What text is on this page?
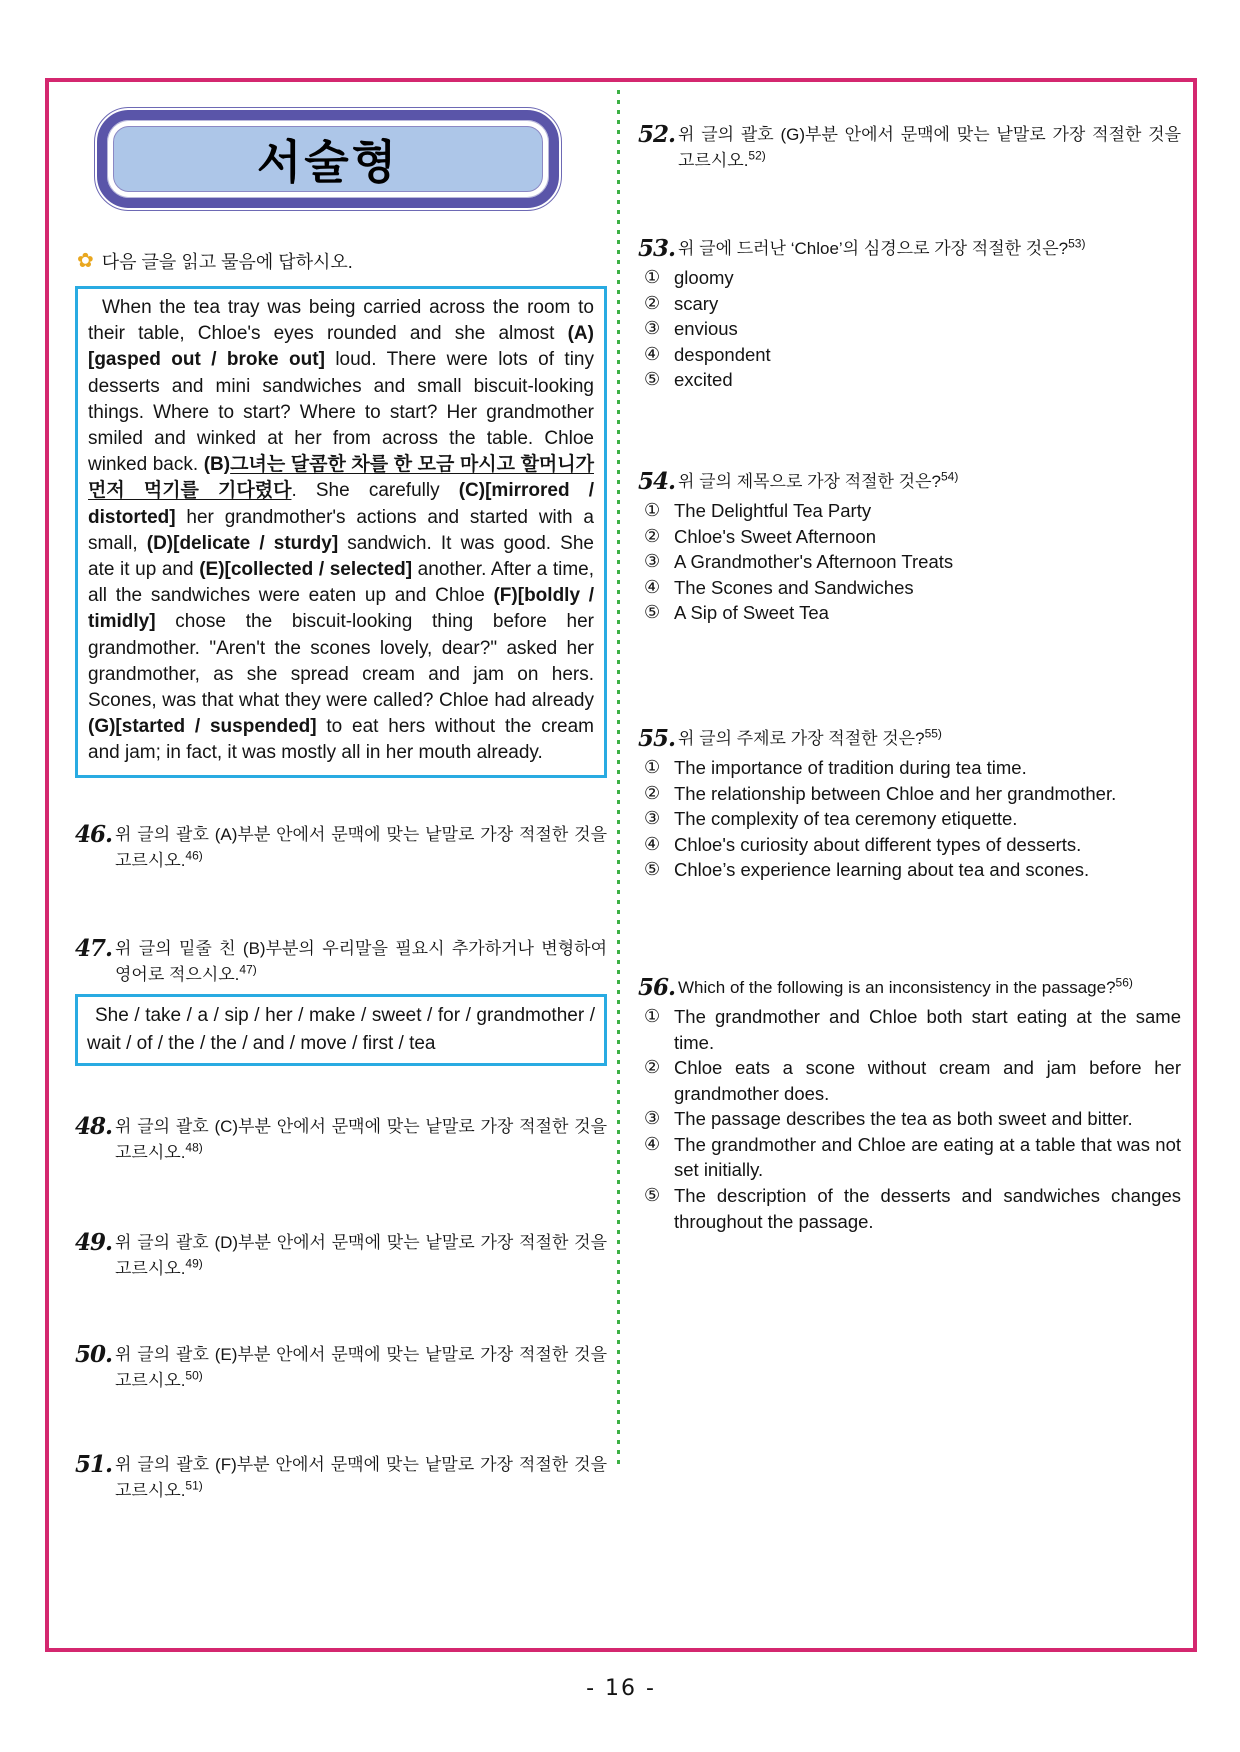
서술형
✿ 다음 글을 읽고 물음에 답하시오.

When the tea tray was being carried across the room to their table, Chloe's eyes rounded and she almost (A)[gasped out / broke out] loud. There were lots of tiny desserts and mini sandwiches and small biscuit-looking things. Where to start? Where to start? Her grandmother smiled and winked at her from across the table. Chloe winked back. (B)그녀는 달콤한 차를 한 모금 마시고 할머니가 먼저 먹기를 기다렸다. She carefully (C)[mirrored / distorted] her grandmother's actions and started with a small, (D)[delicate / sturdy] sandwich. It was good. She ate it up and (E)[collected / selected] another. After a time, all the sandwiches were eaten up and Chloe (F)[boldly / timidly] chose the biscuit-looking thing before her grandmother. "Aren't the scones lovely, dear?" asked her grandmother, as she spread cream and jam on hers. Scones, was that what they were called? Chloe had already (G)[started / suspended] to eat hers without the cream and jam; in fact, it was mostly all in her mouth already.

46. 위 글의 괄호 (A)부분 안에서 문맥에 맞는 낱말로 가장 적절한 것을 고르시오.$^{46)}$
47. 위 글의 밑줄 친 (B)부분의 우리말을 필요시 추가하거나 변형하여 영어로 적으시오.$^{47)}$
She / take / a / sip / her / make / sweet / for / grandmother / wait / of / the / the / and / move / first / tea
48. 위 글의 괄호 (C)부분 안에서 문맥에 맞는 낱말로 가장 적절한 것을 고르시오.$^{48)}$
49. 위 글의 괄호 (D)부분 안에서 문맥에 맞는 낱말로 가장 적절한 것을 고르시오.$^{49)}$
50. 위 글의 괄호 (E)부분 안에서 문맥에 맞는 낱말로 가장 적절한 것을 고르시오.$^{50)}$
51. 위 글의 괄호 (F)부분 안에서 문맥에 맞는 낱말로 가장 적절한 것을 고르시오.$^{51)}$
52. 위 글의 괄호 (G)부분 안에서 문맥에 맞는 낱말로 가장 적절한 것을 고르시오.$^{52)}$
53. 위 글에 드러난 ‘Chloe’의 심경으로 가장 적절한 것은?$^{53)}$
① gloomy
② scary
③ envious
④ despondent
⑤ excited
54. 위 글의 제목으로 가장 적절한 것은?$^{54)}$
① The Delightful Tea Party
② Chloe's Sweet Afternoon
③ A Grandmother's Afternoon Treats
④ The Scones and Sandwiches
⑤ A Sip of Sweet Tea
55. 위 글의 주제로 가장 적절한 것은?$^{55)}$
① The importance of tradition during tea time.
② The relationship between Chloe and her grandmother.
③ The complexity of tea ceremony etiquette.
④ Chloe's curiosity about different types of desserts.
⑤ Chloe’s experience learning about tea and scones.
56. Which of the following is an inconsistency in the passage?$^{56)}$
① The grandmother and Chloe both start eating at the same time.
② Chloe eats a scone without cream and jam before her grandmother does.
③ The passage describes the tea as both sweet and bitter.
④ The grandmother and Chloe are eating at a table that was not set initially.
⑤ The description of the desserts and sandwiches changes throughout the passage.
- 16 -
